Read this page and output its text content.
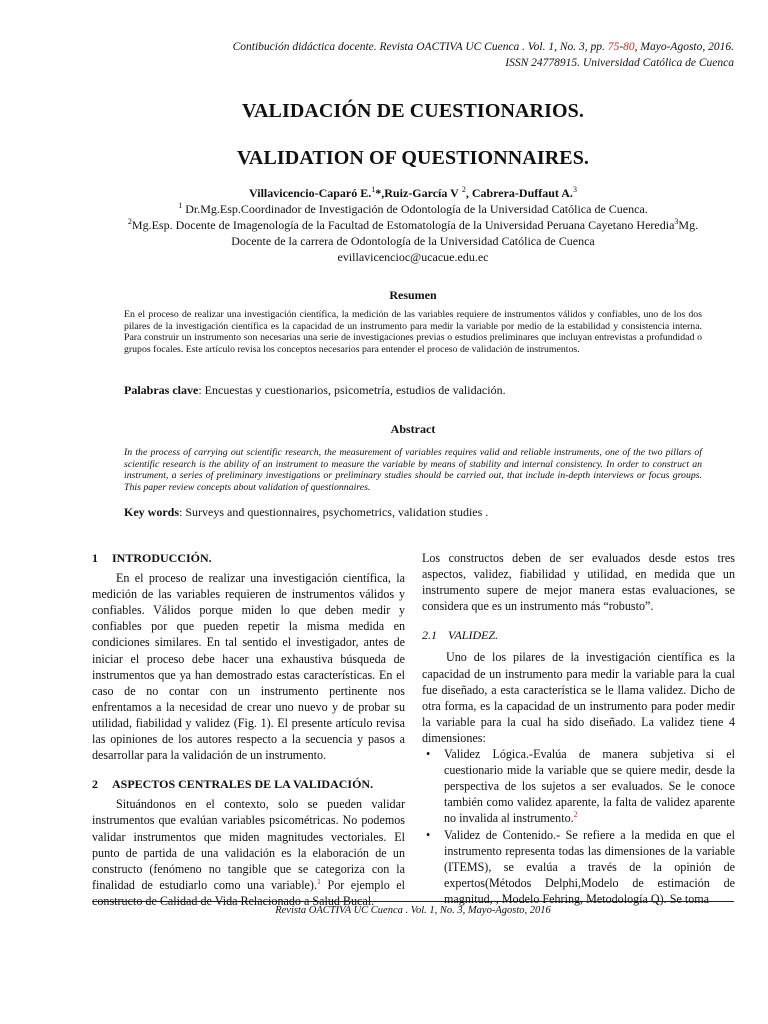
Contibución didáctica docente. Revista OACTIVA UC Cuenca . Vol. 1, No. 3, pp. 75-80, Mayo-Agosto, 2016.
ISSN 24778915. Universidad Católica de Cuenca
VALIDACIÓN DE CUESTIONARIOS.
VALIDATION OF QUESTIONNAIRES.
Villavicencio-Caparó E.$^1$*,Ruiz-García V $^2$, Cabrera-Duffaut A.$^3$
$^1$ Dr.Mg.Esp.Coordinador de Investigación de Odontología de la Universidad Católica de Cuenca.
$^2$Mg.Esp. Docente de Imagenología de la Facultad de Estomatología de la Universidad Peruana Cayetano Heredia$^3$Mg.
Docente de la carrera de Odontología de la Universidad Católica de Cuenca
evillavicencioc@ucacue.edu.ec
Resumen
En el proceso de realizar una investigación científica, la medición de las variables requiere de instrumentos válidos y confiables, uno de los dos pilares de la investigación científica es la capacidad de un instrumento para medir la variable por medio de la estabilidad y consistencia interna. Para construir un instrumento son necesarias una serie de investigaciones previas o estudios preliminares que incluyan entrevistas a profundidad o grupos focales. Este artículo revisa los conceptos necesarios para entender el proceso de validación de instrumentos.
Palabras clave: Encuestas y cuestionarios, psicometría, estudios de validación.
Abstract
In the process of carrying out scientific research, the measurement of variables requires valid and reliable instruments, one of the two pillars of scientific research is the ability of an instrument to measure the variable by means of stability and internal consistency. In order to construct an instrument, a series of preliminary investigations or preliminary studies should be carried out, that include in-depth interviews or focus groups. This paper review concepts about validation of questionnaires.
Key words: Surveys and questionnaires, psychometrics, validation studies .
1 INTRODUCCIÓN.

En el proceso de realizar una investigación científica, la medición de las variables requieren de instrumentos válidos y confiables. Válidos porque miden lo que deben medir y confiables por que pueden repetir la misma medida en condiciones similares. En tal sentido el investigador, antes de iniciar el proceso debe hacer una exhaustiva búsqueda de instrumentos que ya han demostrado estas características. En el caso de no contar con un instrumento pertinente nos enfrentamos a la necesidad de crear uno nuevo y de probar su utilidad, fiabilidad y validez (Fig. 1). El presente artículo revisa las opiniones de los autores respecto a la secuencia y pasos a desarrollar para la validación de un instrumento.

2 ASPECTOS CENTRALES DE LA VALIDACIÓN.

Situándonos en el contexto, solo se pueden validar instrumentos que evalúan variables psicométricas. No podemos validar instrumentos que miden magnitudes vectoriales. El punto de partida de una validación es la elaboración de un constructo (fenómeno no tangible que se categoriza con la finalidad de estudiarlo como una variable).$^1$ Por ejemplo el constructo de Calidad de Vida Relacionado a Salud Bucal.

Los constructos deben de ser evaluados desde estos tres aspectos, validez, fiabilidad y utilidad, en medida que un instrumento supere de mejor manera estas evaluaciones, se considera que es un instrumento más “robusto”.

2.1 VALIDEZ.

Uno de los pilares de la investigación científica es la capacidad de un instrumento para medir la variable para la cual fue diseñado, a esta característica se le llama validez. Dicho de otra forma, es la capacidad de un instrumento para poder medir la variable para la cual ha sido diseñado. La validez tiene 4 dimensiones:

• Validez Lógica.-Evalúa de manera subjetiva si el cuestionario mide la variable que se quiere medir, desde la perspectiva de los sujetos a ser evaluados. Se le conoce también como validez aparente, la falta de validez aparente no invalida al instrumento.$^2$
• Validez de Contenido.- Se refiere a la medida en que el instrumento representa todas las dimensiones de la variable (ITEMS), se evalúa a través de la opinión de expertos(Métodos Delphi,Modelo de estimación de magnitud, , Modelo Fehring, Metodología Q). Se toma
Revista OACTIVA UC Cuenca . Vol. 1, No. 3, Mayo-Agosto, 2016
